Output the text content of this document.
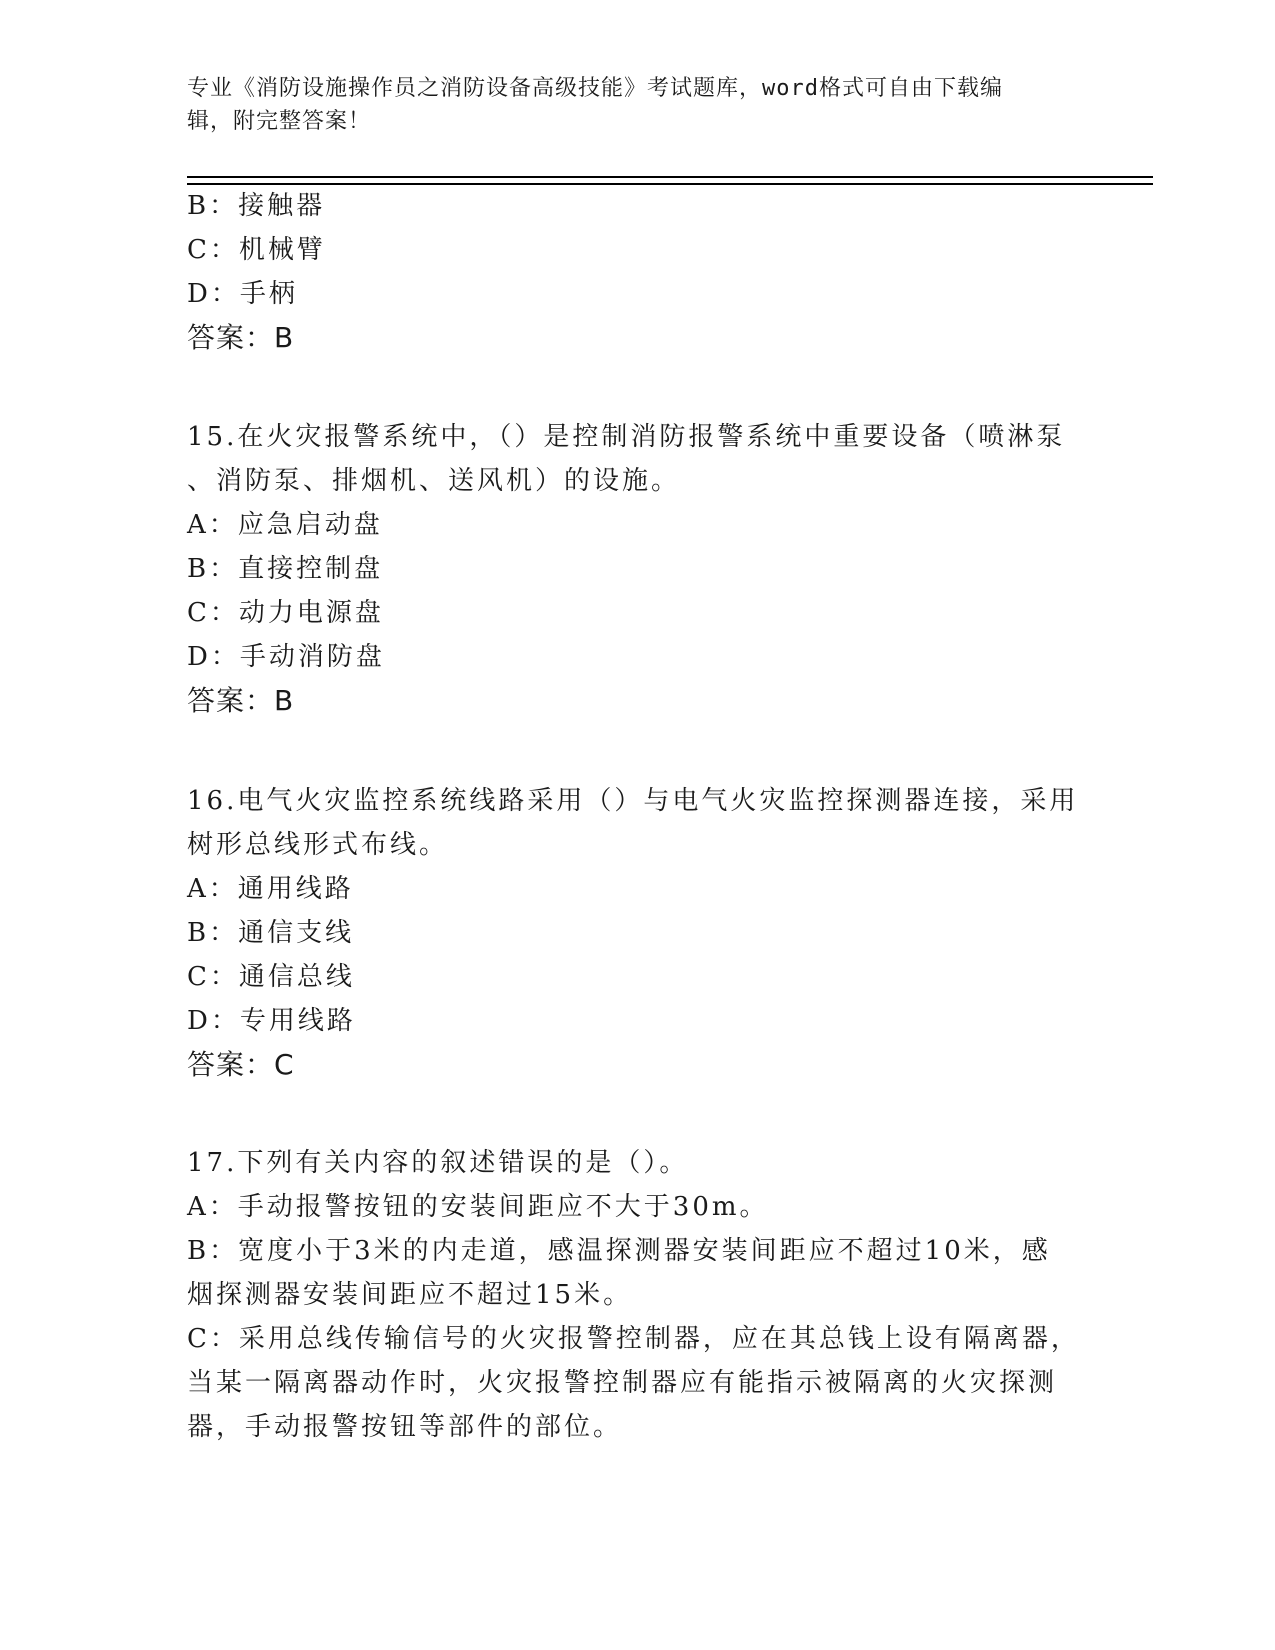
专业《消防设施操作员之消防设备高级技能》考试题库，word格式可自由下载编
辑，附完整答案！
B：接触器
C：机械臂
D：手柄
答案：B
15.在火灾报警系统中，（）是控制消防报警系统中重要设备（喷淋泵
、消防泵、排烟机、送风机）的设施。
A：应急启动盘
B：直接控制盘
C：动力电源盘
D：手动消防盘
答案：B
16.电气火灾监控系统线路采用（）与电气火灾监控探测器连接，采用
树形总线形式布线。
A：通用线路
B：通信支线
C：通信总线
D：专用线路
答案：C
17.下列有关内容的叙述错误的是（）。
A：手动报警按钮的安装间距应不大于30m。
B：宽度小于3米的内走道，感温探测器安装间距应不超过10米，感
烟探测器安装间距应不超过15米。
C：采用总线传输信号的火灾报警控制器，应在其总钱上设有隔离器，
当某一隔离器动作时，火灾报警控制器应有能指示被隔离的火灾探测
器，手动报警按钮等部件的部位。
